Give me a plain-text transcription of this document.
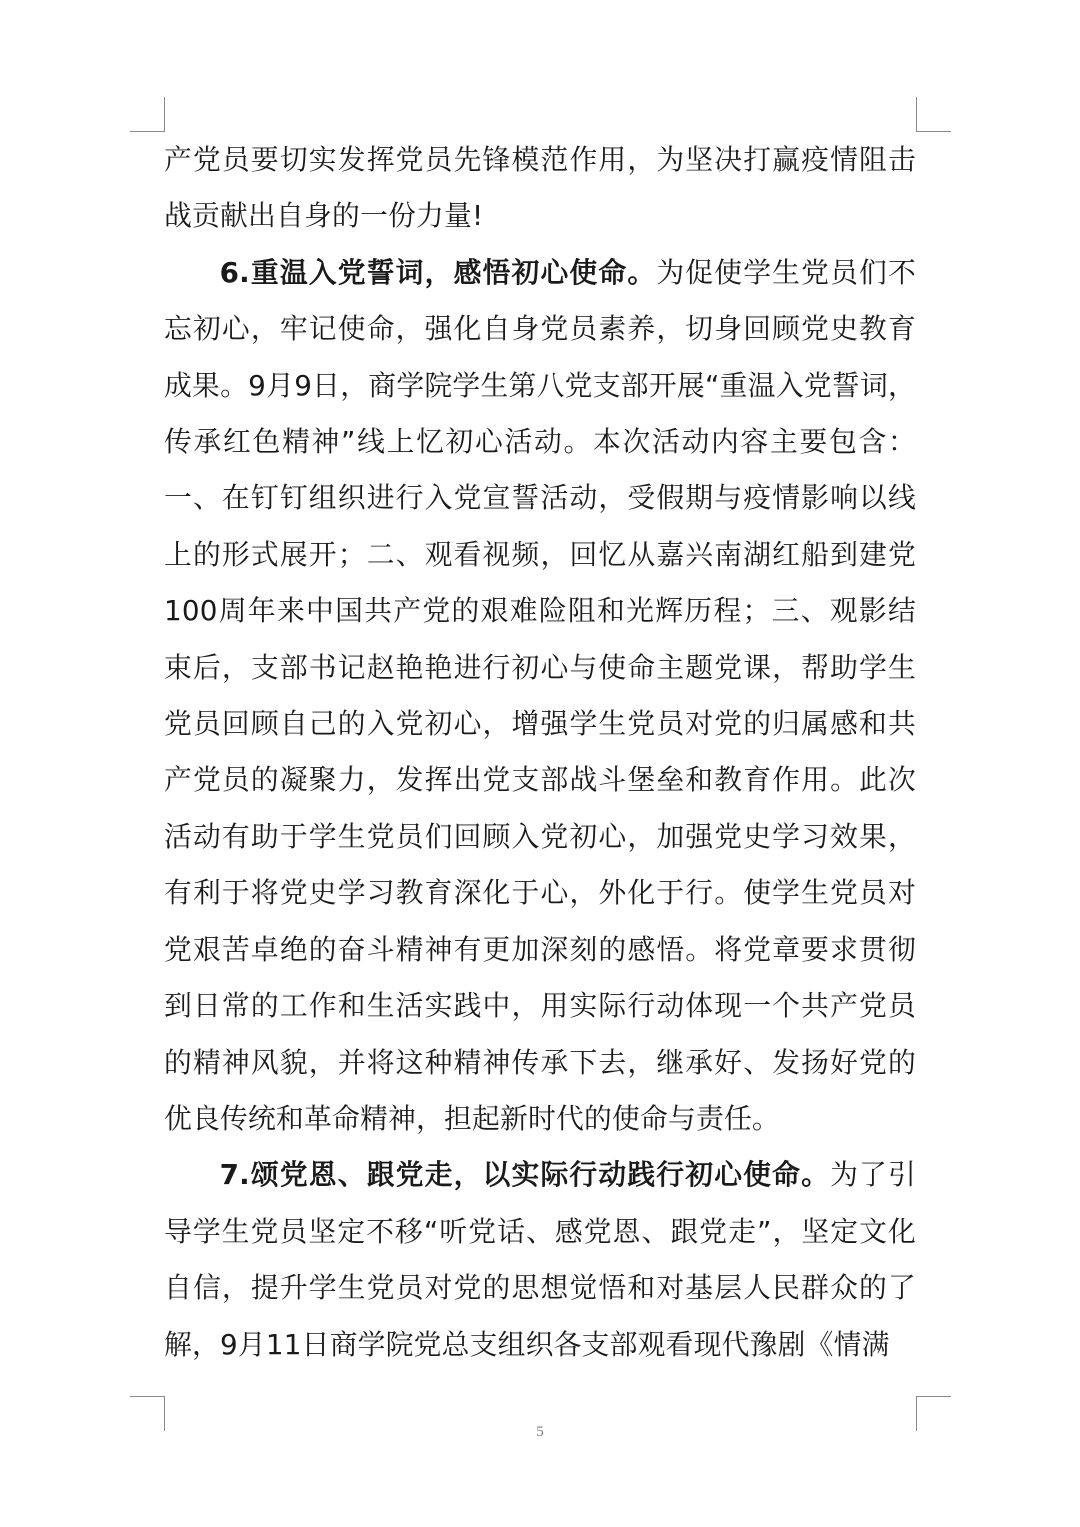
产党员要切实发挥党员先锋模范作用，为坚决打赢疫情阻击战贡献出自身的一份力量!

6.重温入党誓词，感悟初心使命。为促使学生党员们不忘初心，牢记使命，强化自身党员素养，切身回顾党史教育成果。9月9日，商学院学生第八党支部开展“重温入党誓词，传承红色精神”线上忆初心活动。本次活动内容主要包含：一、在钉钉组织进行入党宣誓活动，受假期与疫情影响以线上的形式展开；二、观看视频，回忆从嘉兴南湖红船到建党100周年来中国共产党的艰难险阻和光辉历程；三、观影结束后，支部书记赵艳艳进行初心与使命主题党课，帮助学生党员回顾自己的入党初心，增强学生党员对党的归属感和共产党员的凝聚力，发挥出党支部战斗堡垒和教育作用。此次活动有助于学生党员们回顾入党初心，加强党史学习效果，有利于将党史学习教育深化于心，外化于行。使学生党员对党艰苦卓绝的奋斗精神有更加深刻的感悟。将党章要求贯彻到日常的工作和生活实践中，用实际行动体现一个共产党员的精神风貌，并将这种精神传承下去，继承好、发扬好党的优良传统和革命精神，担起新时代的使命与责任。

7.颂党恩、跟党走，以实际行动践行初心使命。为了引导学生党员坚定不移“听党话、感党恩、跟党走”，坚定文化自信，提升学生党员对党的思想觉悟和对基层人民群众的了解，9月11日商学院党总支组织各支部观看现代豫剧《情满

5
